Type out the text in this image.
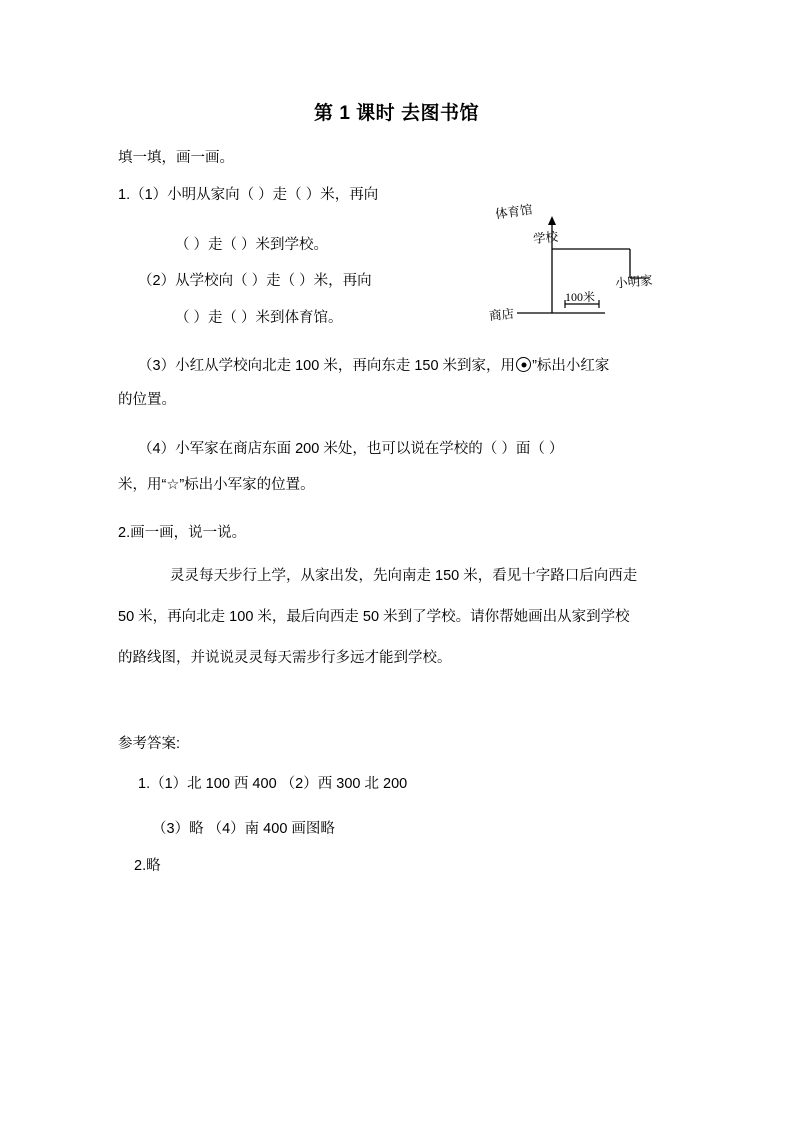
第 1 课时 去图书馆
填一填，画一画。
1.（1）小明从家向（ ）走（ ）米，再向
（ ）走（ ）米到学校。
（2）从学校向（ ）走（ ）米，再向
（ ）走（ ）米到体育馆。
（3）小红从学校向北走 100 米，再向东走 150 米到家，用 ”标出小红家
的位置。
（4）小军家在商店东面 200 米处，也可以说在学校的（ ）面（ ）
米，用“☆”标出小军家的位置。
2.画一画，说一说。
灵灵每天步行上学，从家出发，先向南走 150 米，看见十字路口后向西走
50 米，再向北走 100 米，最后向西走 50 米到了学校。请你帮她画出从家到学校
的路线图，并说说灵灵每天需步行多远才能到学校。
参考答案:
1.（1）北 100 西 400 （2）西 300 北 200
（3）略 （4）南 400 画图略
2.略
体育馆
学校
小明家
商店
100米
